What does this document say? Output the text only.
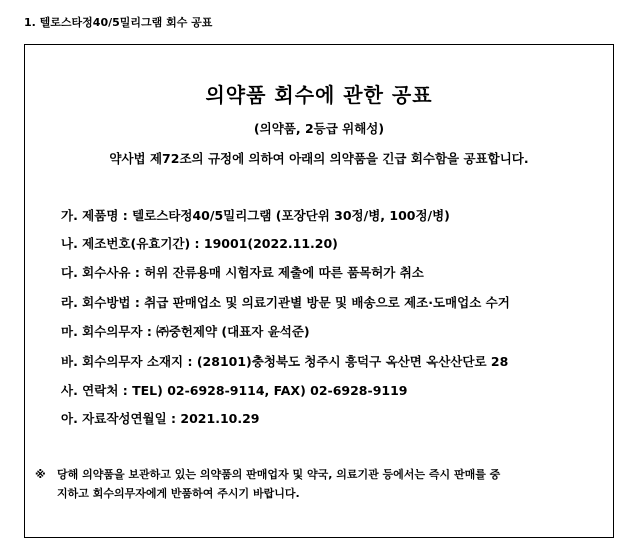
1. 텔로스타정40/5밀리그램 회수 공표
의약품 회수에 관한 공표
(의약품, 2등급 위해성)
약사법 제72조의 규정에 의하여 아래의 의약품을 긴급 회수함을 공표합니다.
가. 제품명 : 텔로스타정40/5밀리그램 (포장단위 30정/병, 100정/병)
나. 제조번호(유효기간) : 19001(2022.11.20)
다. 회수사유 : 허위 잔류용매 시험자료 제출에 따른 품목허가 취소
라. 회수방법 : 취급 판매업소 및 의료기관별 방문 및 배송으로 제조·도매업소 수거
마. 회수의무자 : ㈜중헌제약 (대표자 윤석준)
바. 회수의무자 소재지 : (28101)충청북도 청주시 흥덕구 옥산면 옥산산단로 28
사. 연락처 : TEL) 02-6928-9114, FAX) 02-6928-9119
아. 자료작성연월일 : 2021.10.29
※ 당해 의약품을 보관하고 있는 의약품의 판매업자 및 약국, 의료기관 등에서는 즉시 판매를 중
지하고 회수의무자에게 반품하여 주시기 바랍니다.
